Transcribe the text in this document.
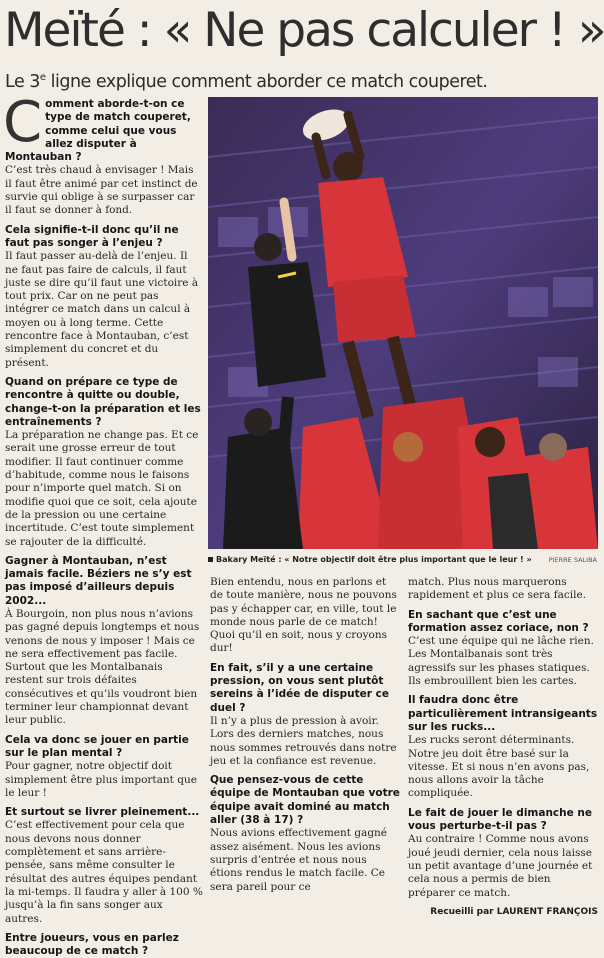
Meïté : « Ne pas calculer ! »
Le 3e ligne explique comment aborder ce match couperet.
C omment aborde-t-on ce type de match couperet, comme celui que vous allez disputer à Montauban ?
C’est très chaud à envisager ! Mais il faut être animé par cet instinct de survie qui oblige à se surpasser car il faut se donner à fond.
Cela signifie-t-il donc qu’il ne faut pas songer à l’enjeu ?
Il faut passer au-delà de l’enjeu. Il ne faut pas faire de calculs, il faut juste se dire qu’il faut une victoire à tout prix. Car on ne peut pas intégrer ce match dans un calcul à moyen ou à long terme. Cette rencontre face à Montauban, c’est simplement du concret et du présent.
Quand on prépare ce type de rencontre à quitte ou double, change-t-on la préparation et les entraînements ?
La préparation ne change pas. Et ce serait une grosse erreur de tout modifier. Il faut continuer comme d’habitude, comme nous le faisons pour n’importe quel match. Si on modifie quoi que ce soit, cela ajoute de la pression ou une certaine incertitude. C’est toute simplement se rajouter de la difficulté.
Gagner à Montauban, n’est jamais facile. Béziers ne s’y est pas imposé d’ailleurs depuis 2002...
À Bourgoin, non plus nous n’avions pas gagné depuis longtemps et nous venons de nous y imposer ! Mais ce ne sera effectivement pas facile. Surtout que les Montalbanais restent sur trois défaites consécutives et qu’ils voudront bien terminer leur championnat devant leur public.
Cela va donc se jouer en partie sur le plan mental ?
Pour gagner, notre objectif doit simplement être plus important que le leur !
Et surtout se livrer pleinement...
C’est effectivement pour cela que nous devons nous donner complètement et sans arrière-pensée, sans même consulter le résultat des autres équipes pendant la mi-temps. Il faudra y aller à 100 % jusqu’à la fin sans songer aux autres.
Entre joueurs, vous en parlez beaucoup de ce match ?
Bakary Meïté : « Notre objectif doit être plus important que le leur ! »	PIERRE SALIBA
Bien entendu, nous en parlons et de toute manière, nous ne pouvons pas y échapper car, en ville, tout le monde nous parle de ce match! Quoi qu’il en soit, nous y croyons dur!
En fait, s’il y a une certaine pression, on vous sent plutôt sereins à l’idée de disputer ce duel ?
Il n’y a plus de pression à avoir. Lors des derniers matches, nous nous sommes retrouvés dans notre jeu et la confiance est revenue.
Que pensez-vous de cette équipe de Montauban que votre équipe avait dominé au match aller (38 à 17) ?
Nous avions effectivement gagné assez aisément. Nous les avions surpris d’entrée et nous nous étions rendus le match facile. Ce sera pareil pour ce
match. Plus nous marquerons rapidement et plus ce sera facile.
En sachant que c’est une formation assez coriace, non ?
C’est une équipe qui ne lâche rien. Les Montalbanais sont très agressifs sur les phases statiques. Ils embrouillent bien les cartes.
Il faudra donc être particulièrement intransigeants sur les rucks...
Les rucks seront déterminants. Notre jeu doit être basé sur la vitesse. Et si nous n’en avons pas, nous allons avoir la tâche compliquée.
Le fait de jouer le dimanche ne vous perturbe-t-il pas ?
Au contraire ! Comme nous avons joué jeudi dernier, cela nous laisse un petit avantage d’une journée et cela nous a permis de bien préparer ce match.
Recueilli par LAURENT FRANÇOIS
